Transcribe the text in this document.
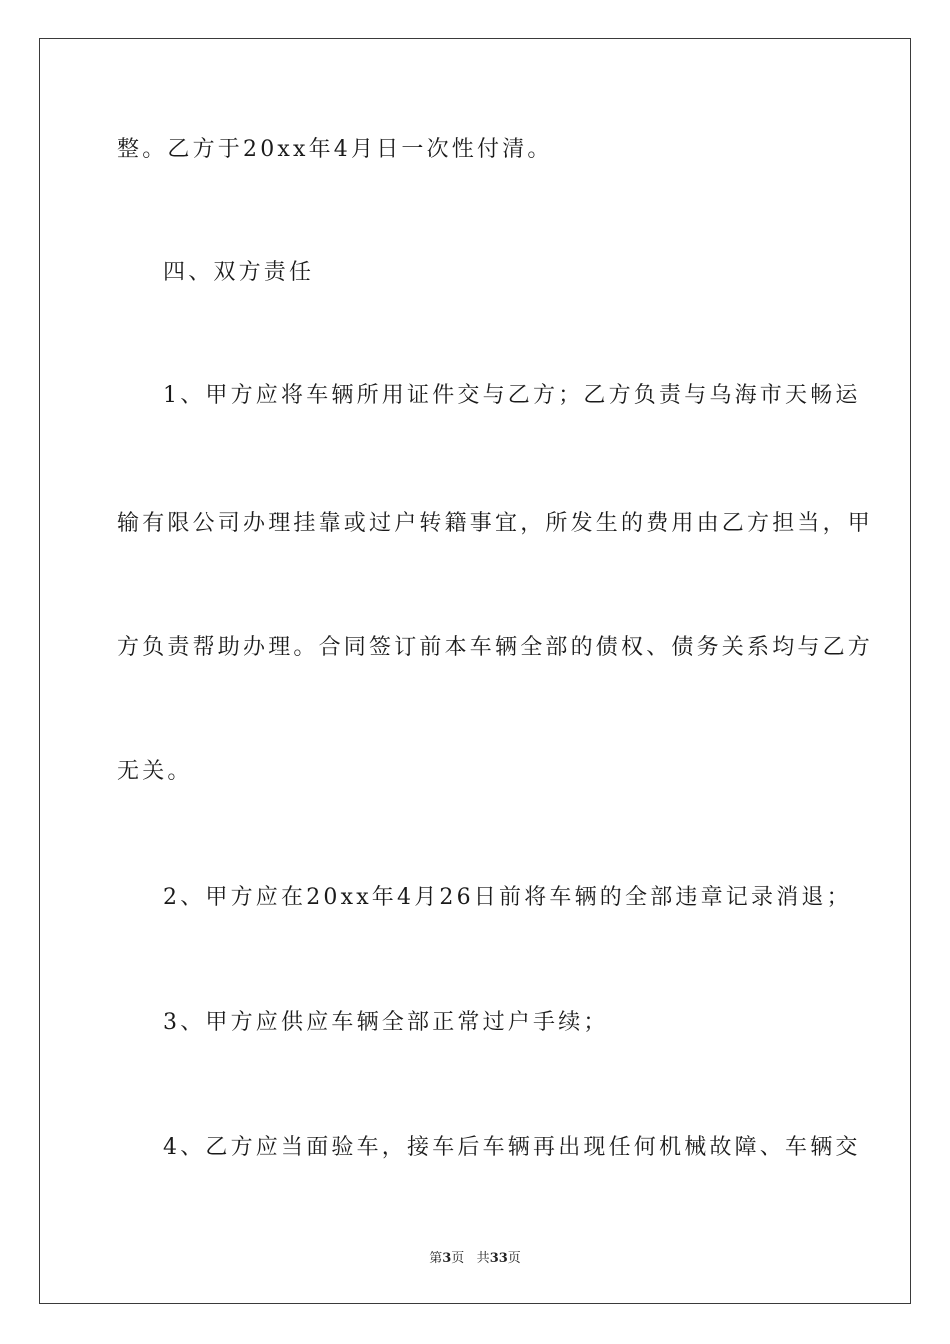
整。乙方于20xx年4月日一次性付清。
四、双方责任
1、甲方应将车辆所用证件交与乙方；乙方负责与乌海市天畅运
输有限公司办理挂靠或过户转籍事宜，所发生的费用由乙方担当，甲
方负责帮助办理。合同签订前本车辆全部的债权、债务关系均与乙方
无关。
2、甲方应在20xx年4月26日前将车辆的全部违章记录消退；
3、甲方应供应车辆全部正常过户手续；
4、乙方应当面验车，接车后车辆再出现任何机械故障、车辆交
第3页 共33页
